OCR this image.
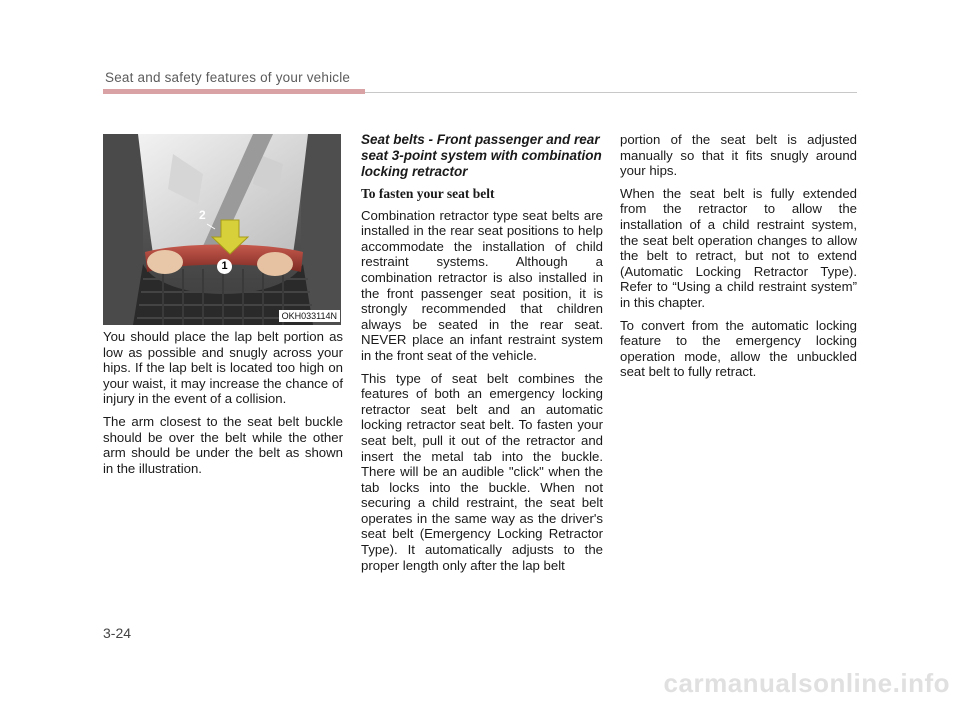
Seat and safety features of your vehicle
2
1
OKH033114N

You should place the lap belt portion as low as possible and snugly across your hips. If the lap belt is located too high on your waist, it may increase the chance of injury in the event of a collision.

The arm closest to the seat belt buckle should be over the belt while the other arm should be under the belt as shown in the illustration.

Seat belts - Front passenger and rear seat 3-point system with combination locking retractor
To fasten your seat belt

Combination retractor type seat belts are installed in the rear seat positions to help accommodate the installation of child restraint systems. Although a combination retractor is also installed in the front passenger seat position, it is strongly recommended that children always be seated in the rear seat. NEVER place an infant restraint system in the front seat of the vehicle.

This type of seat belt combines the features of both an emergency locking retractor seat belt and an automatic locking retractor seat belt. To fasten your seat belt, pull it out of the retractor and insert the metal tab into the buckle. There will be an audible "click" when the tab locks into the buckle. When not securing a child restraint, the seat belt operates in the same way as the driver's seat belt (Emergency Locking Retractor Type). It automatically adjusts to the proper length only after the lap belt

portion of the seat belt is adjusted manually so that it fits snugly around your hips.

When the seat belt is fully extended from the retractor to allow the installation of a child restraint system, the seat belt operation changes to allow the belt to retract, but not to extend (Automatic Locking Retractor Type). Refer to “Using a child restraint system” in this chapter.

To convert from the automatic locking feature to the emergency locking operation mode, allow the unbuckled seat belt to fully retract.

3-24
carmanualsonline.info
